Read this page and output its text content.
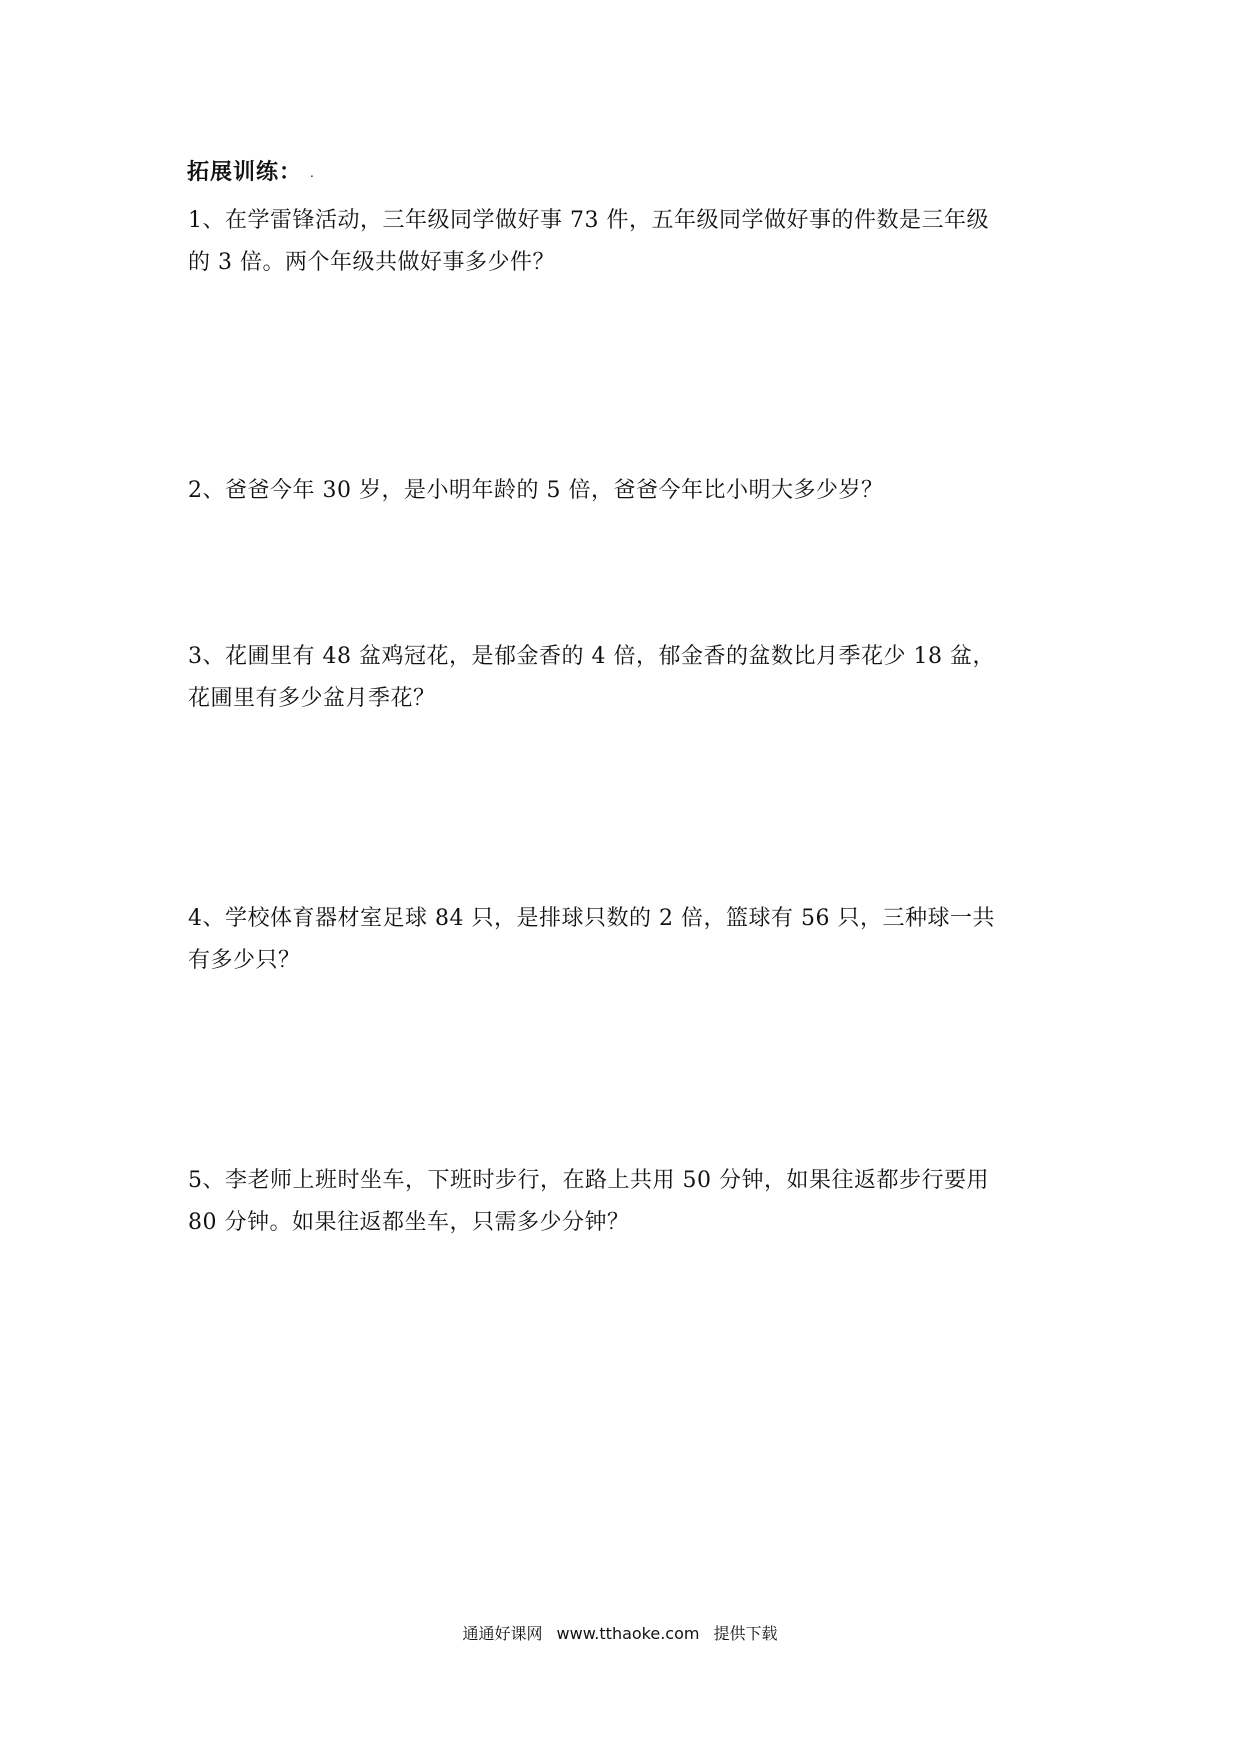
拓展训练： .
1、在学雷锋活动，三年级同学做好事 73 件，五年级同学做好事的件数是三年级
的 3 倍。两个年级共做好事多少件？
2、爸爸今年 30 岁，是小明年龄的 5 倍，爸爸今年比小明大多少岁？
3、花圃里有 48 盆鸡冠花，是郁金香的 4 倍，郁金香的盆数比月季花少 18 盆，
花圃里有多少盆月季花？
4、学校体育器材室足球 84 只，是排球只数的 2 倍，篮球有 56 只，三种球一共
有多少只？
5、李老师上班时坐车，下班时步行，在路上共用 50 分钟，如果往返都步行要用
80 分钟。如果往返都坐车，只需多少分钟？
通通好课网 www.tthaoke.com 提供下载
